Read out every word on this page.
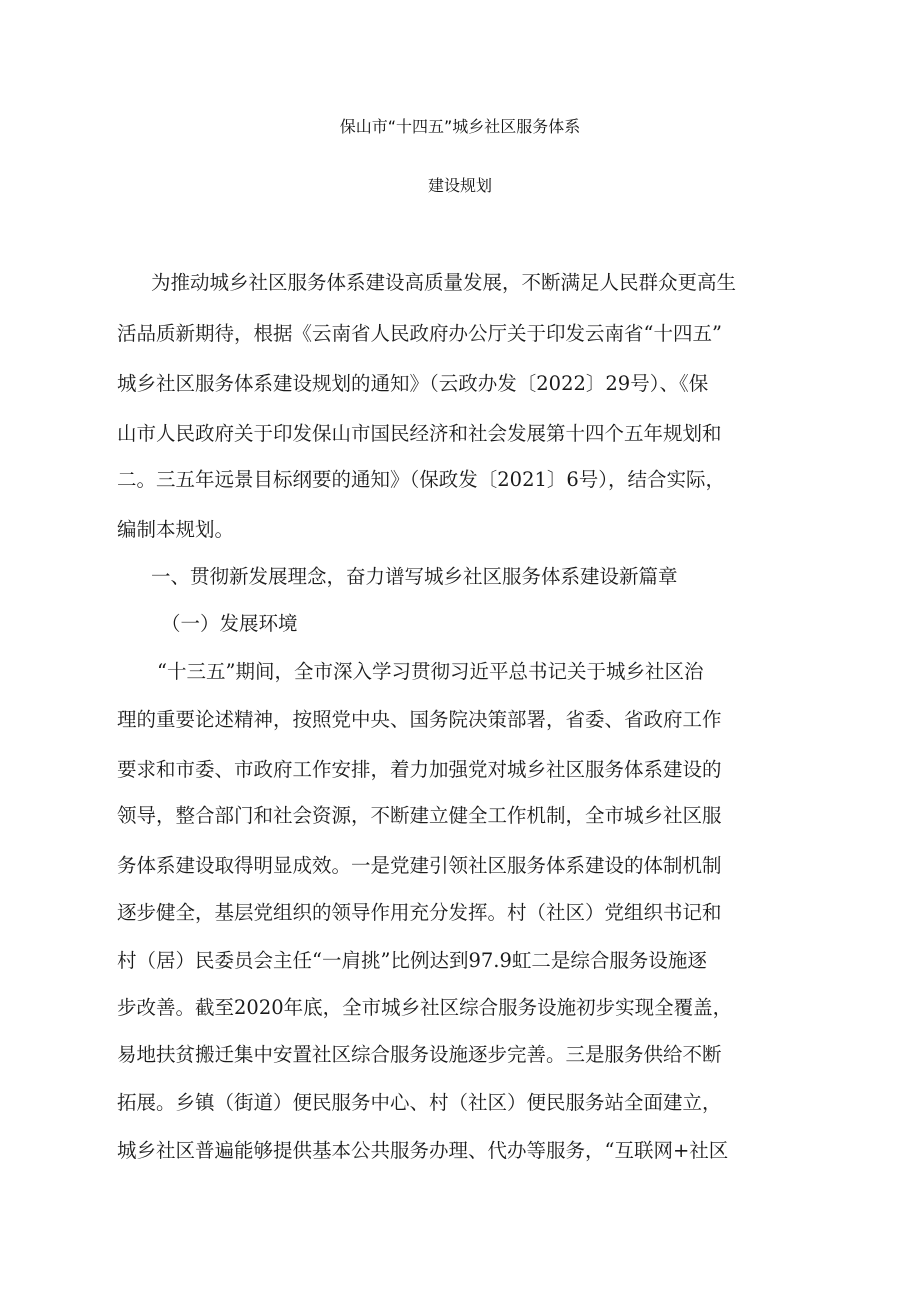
保山市“十四五”城乡社区服务体系
建设规划

为推动城乡社区服务体系建设高质量发展，不断满足人民群众更高生

活品质新期待，根据《云南省人民政府办公厅关于印发云南省“十四五”

城乡社区服务体系建设规划的通知》（云政办发〔2022〕29号）、《保

山市人民政府关于印发保山市国民经济和社会发展第十四个五年规划和

二。三五年远景目标纲要的通知》（保政发〔2021〕6号），结合实际，

编制本规划。

一、贯彻新发展理念，奋力谱写城乡社区服务体系建设新篇章

（一）发展环境

“十三五”期间，全市深入学习贯彻习近平总书记关于城乡社区治

理的重要论述精神，按照党中央、国务院决策部署，省委、省政府工作

要求和市委、市政府工作安排，着力加强党对城乡社区服务体系建设的

领导，整合部门和社会资源，不断建立健全工作机制，全市城乡社区服

务体系建设取得明显成效。一是党建引领社区服务体系建设的体制机制

逐步健全，基层党组织的领导作用充分发挥。村（社区）党组织书记和

村（居）民委员会主任“一肩挑”比例达到97.9虹二是综合服务设施逐

步改善。截至2020年底，全市城乡社区综合服务设施初步实现全覆盖，

易地扶贫搬迁集中安置社区综合服务设施逐步完善。三是服务供给不断

拓展。乡镇（街道）便民服务中心、村（社区）便民服务站全面建立，

城乡社区普遍能够提供基本公共服务办理、代办等服务，“互联网+社区
